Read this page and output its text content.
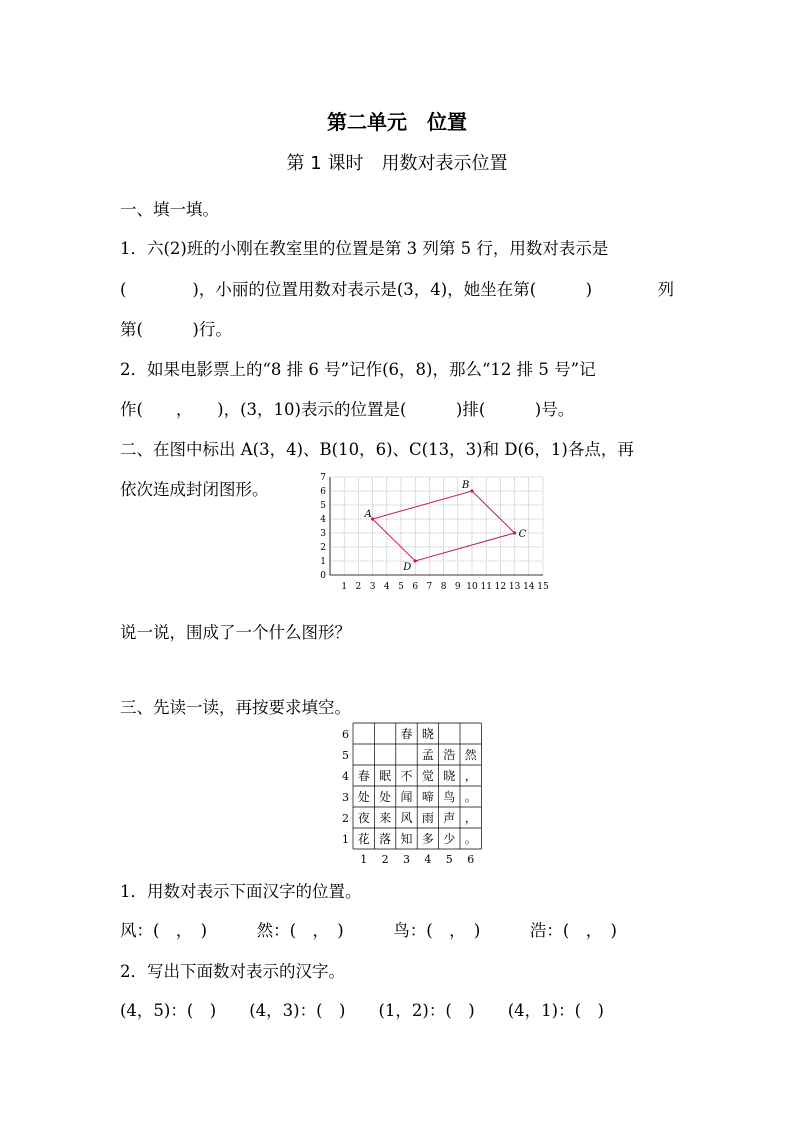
第二单元　位置
第 1 课时　用数对表示位置
一、填一填。
1．六(2)班的小刚在教室里的位置是第 3 列第 5 行，用数对表示是
(　　　　)，小丽的位置用数对表示是(3，4)，她坐在第(　　　)	列
第(　　　)行。
2．如果电影票上的“8 排 6 号”记作(6，8)，那么“12 排 5 号”记
作(　　，　　)，(3，10)表示的位置是(　　　)排(　　　)号。
二、在图中标出 A(3，4)、B(10，6)、C(13，3)和 D(6，1)各点，再
依次连成封闭图形。
1 2 3 4 5 6 7 8 9 10 11 12 13 14 15
0
1
2
3
4
5
6
7
A
B
C
D
说一说，围成了一个什么图形？
三、先读一读，再按要求填空。
6
5
4
3
2
1
1 2 3 4 5 6
春 晓
孟 浩 然
春 眠 不 觉 晓 ，
处 处 闻 啼 鸟 。
夜 来 风 雨 声 ，
花 落 知 多 少 。
1．用数对表示下面汉字的位置。
风：(　，　)　　　然：(　，　)　　　鸟：(　，　)　　　浩：(　，　)
2．写出下面数对表示的汉字。
(4，5)：(　)　　(4，3)：(　)　　(1，2)：(　)　　(4，1)：(　)
